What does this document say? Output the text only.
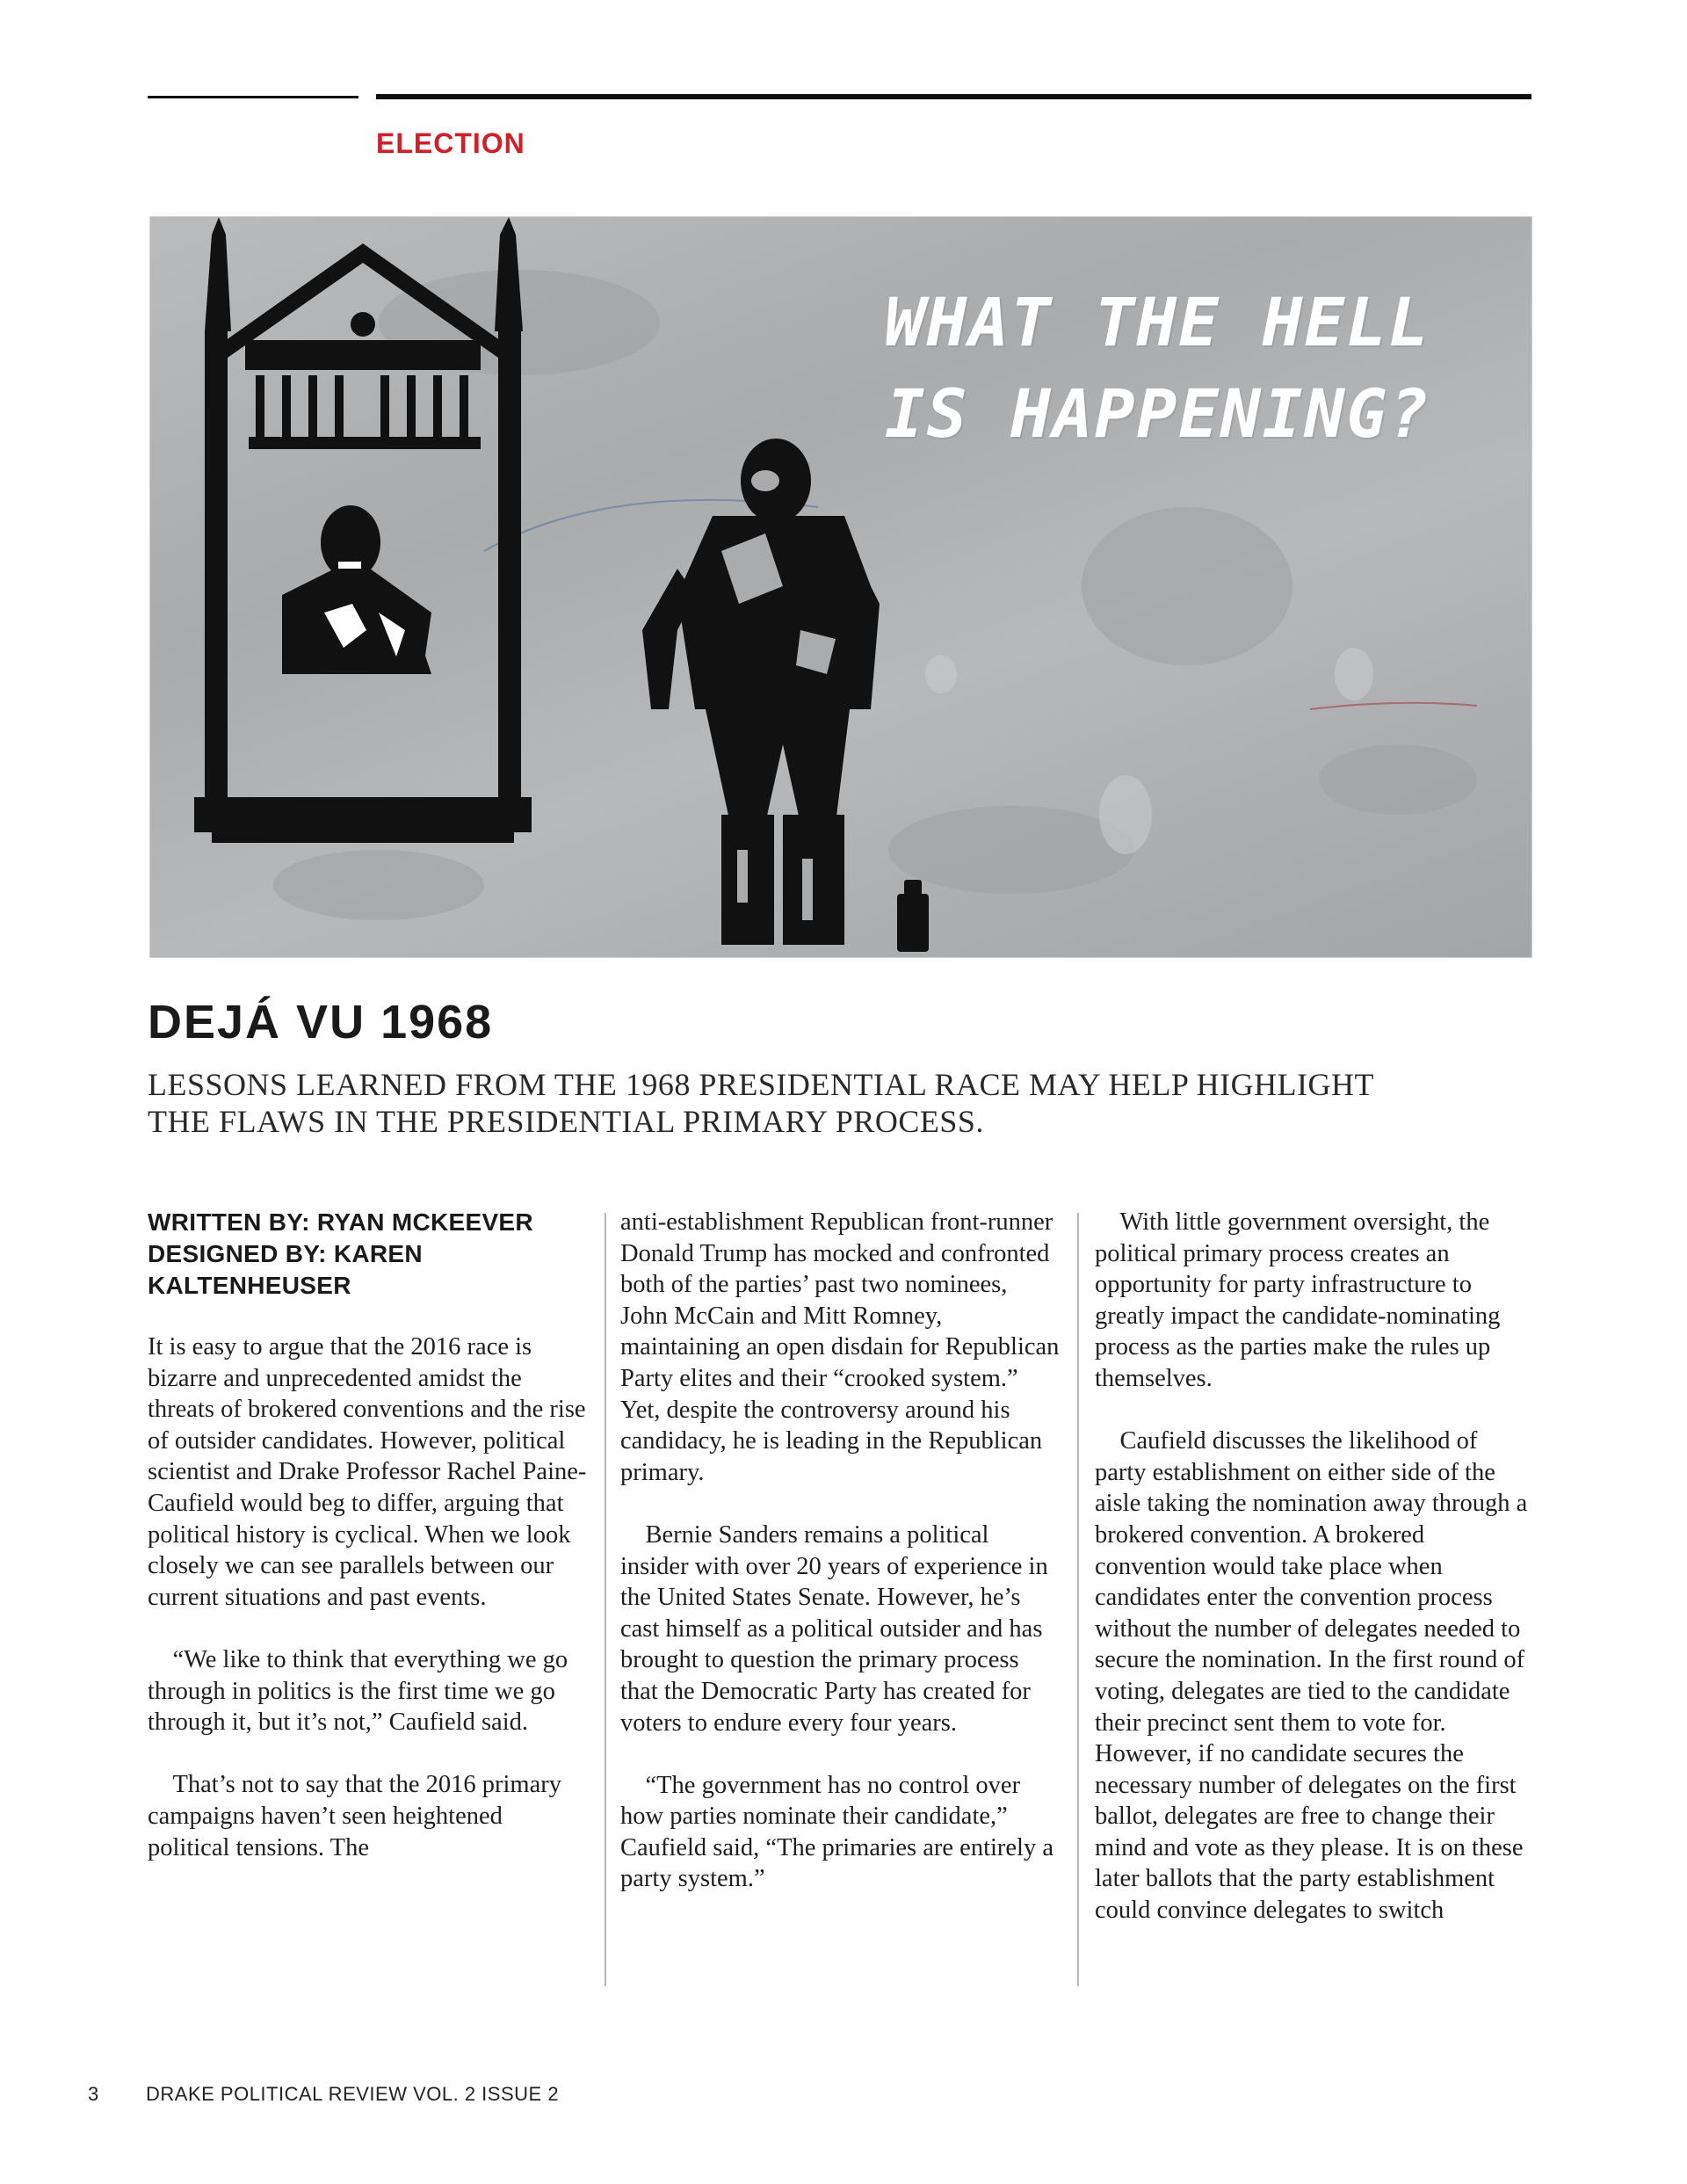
ELECTION
WHAT THE HELL
IS HAPPENING?
DEJÁ VU 1968

LESSONS LEARNED FROM THE 1968 PRESIDENTIAL RACE MAY HELP HIGHLIGHT THE FLAWS IN THE PRESIDENTIAL PRIMARY PROCESS.

WRITTEN BY: RYAN MCKEEVER
DESIGNED BY: KAREN KALTENHEUSER

It is easy to argue that the 2016 race is bizarre and unprecedented amidst the threats of brokered conventions and the rise of outsider candidates. However, political scientist and Drake Professor Rachel Paine-Caufield would beg to differ, arguing that political history is cyclical. When we look closely we can see parallels between our current situations and past events.

“We like to think that everything we go through in politics is the first time we go through it, but it’s not,” Caufield said.

That’s not to say that the 2016 primary campaigns haven’t seen heightened political tensions. The

anti-establishment Republican front-runner Donald Trump has mocked and confronted both of the parties’ past two nominees, John McCain and Mitt Romney, maintaining an open disdain for Republican Party elites and their “crooked system.” Yet, despite the controversy around his candidacy, he is leading in the Republican primary.

Bernie Sanders remains a political insider with over 20 years of experience in the United States Senate. However, he’s cast himself as a political outsider and has brought to question the primary process that the Democratic Party has created for voters to endure every four years.

“The government has no control over how parties nominate their candidate,” Caufield said, “The primaries are entirely a party system.”

With little government oversight, the political primary process creates an opportunity for party infrastructure to greatly impact the candidate-nominating process as the parties make the rules up themselves.

Caufield discusses the likelihood of party establishment on either side of the aisle taking the nomination away through a brokered convention. A brokered convention would take place when candidates enter the convention process without the number of delegates needed to secure the nomination. In the first round of voting, delegates are tied to the candidate their precinct sent them to vote for. However, if no candidate secures the necessary number of delegates on the first ballot, delegates are free to change their mind and vote as they please. It is on these later ballots that the party establishment could convince delegates to switch

3 DRAKE POLITICAL REVIEW VOL. 2 ISSUE 2
